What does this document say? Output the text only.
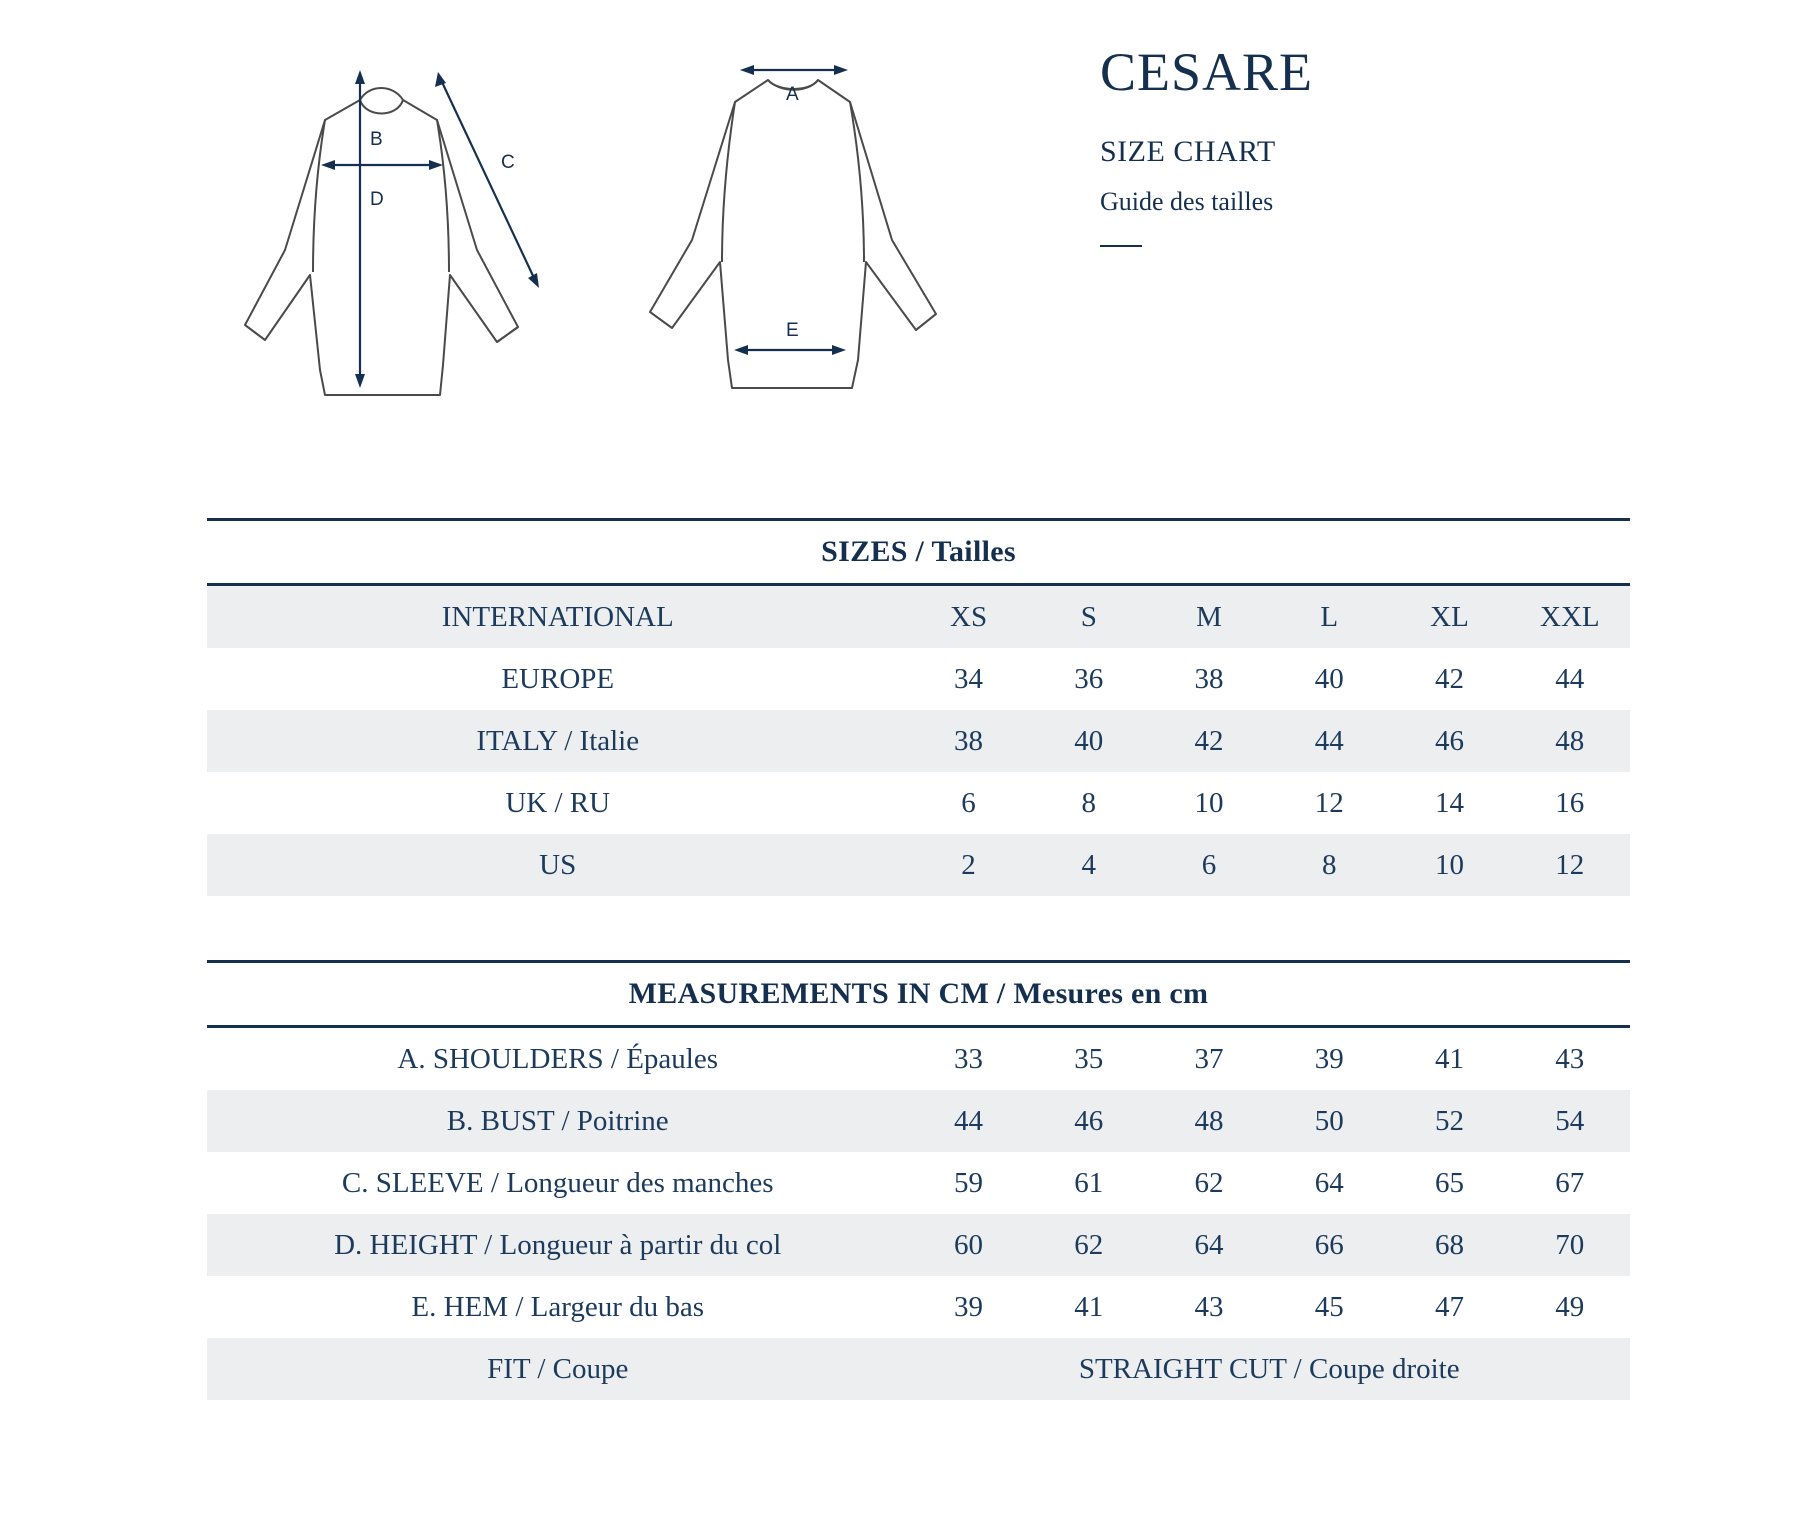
B
D
C
A
E
CESARE
SIZE CHART
Guide des tailles
SIZES / Tailles						
INTERNATIONAL	XS	S	M	L	XL	XXL
EUROPE	34	36	38	40	42	44
ITALY / Italie	38	40	42	44	46	48
UK / RU	6	8	10	12	14	16
US	2	4	6	8	10	12
MEASUREMENTS IN CM / Mesures en cm						
A. SHOULDERS / Épaules	33	35	37	39	41	43
B. BUST / Poitrine	44	46	48	50	52	54
C. SLEEVE / Longueur des manches	59	61	62	64	65	67
D. HEIGHT / Longueur à partir du col	60	62	64	66	68	70
E. HEM / Largeur du bas	39	41	43	45	47	49
FIT / Coupe	STRAIGHT CUT / Coupe droite					
